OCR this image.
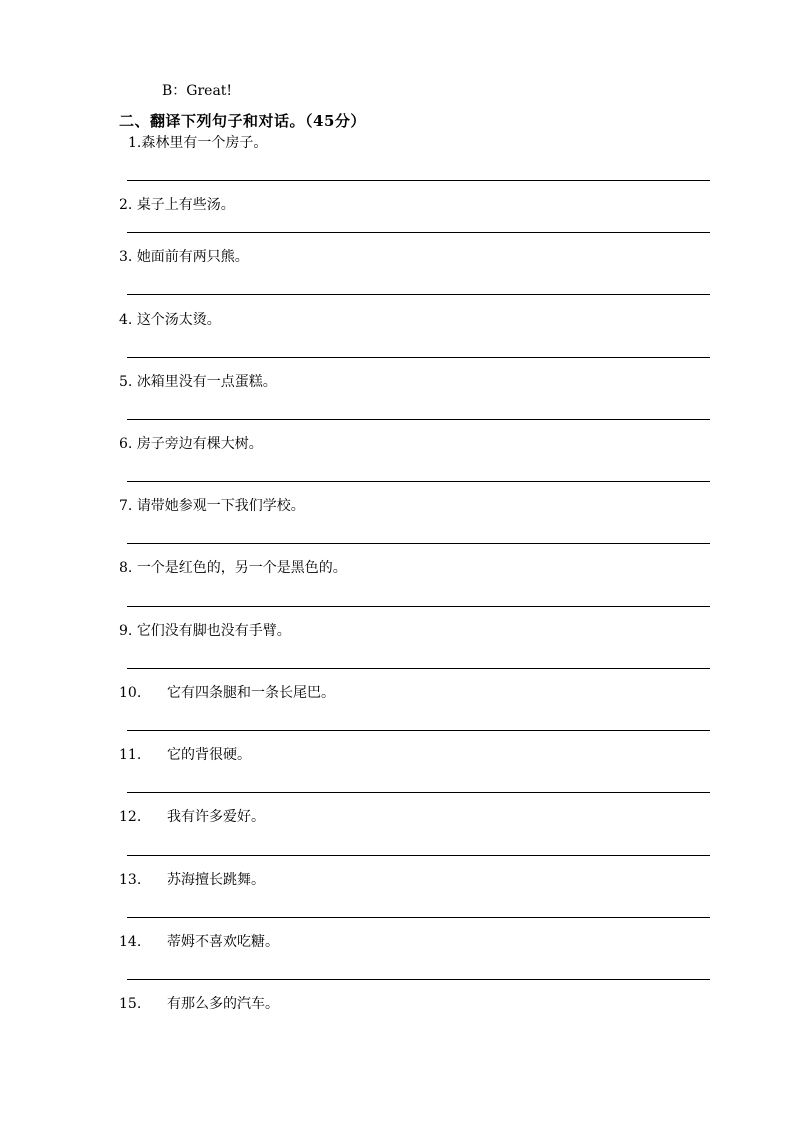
B：Great!
二、翻译下列句子和对话。（45分）
1.森林里有一个房子。
2. 桌子上有些汤。
3. 她面前有两只熊。
4. 这个汤太烫。
5. 冰箱里没有一点蛋糕。
6. 房子旁边有棵大树。
7. 请带她参观一下我们学校。
8. 一个是红色的，另一个是黑色的。
9. 它们没有脚也没有手臂。
10. 它有四条腿和一条长尾巴。
11. 它的背很硬。
12. 我有许多爱好。
13. 苏海擅长跳舞。
14. 蒂姆不喜欢吃糖。
15. 有那么多的汽车。
